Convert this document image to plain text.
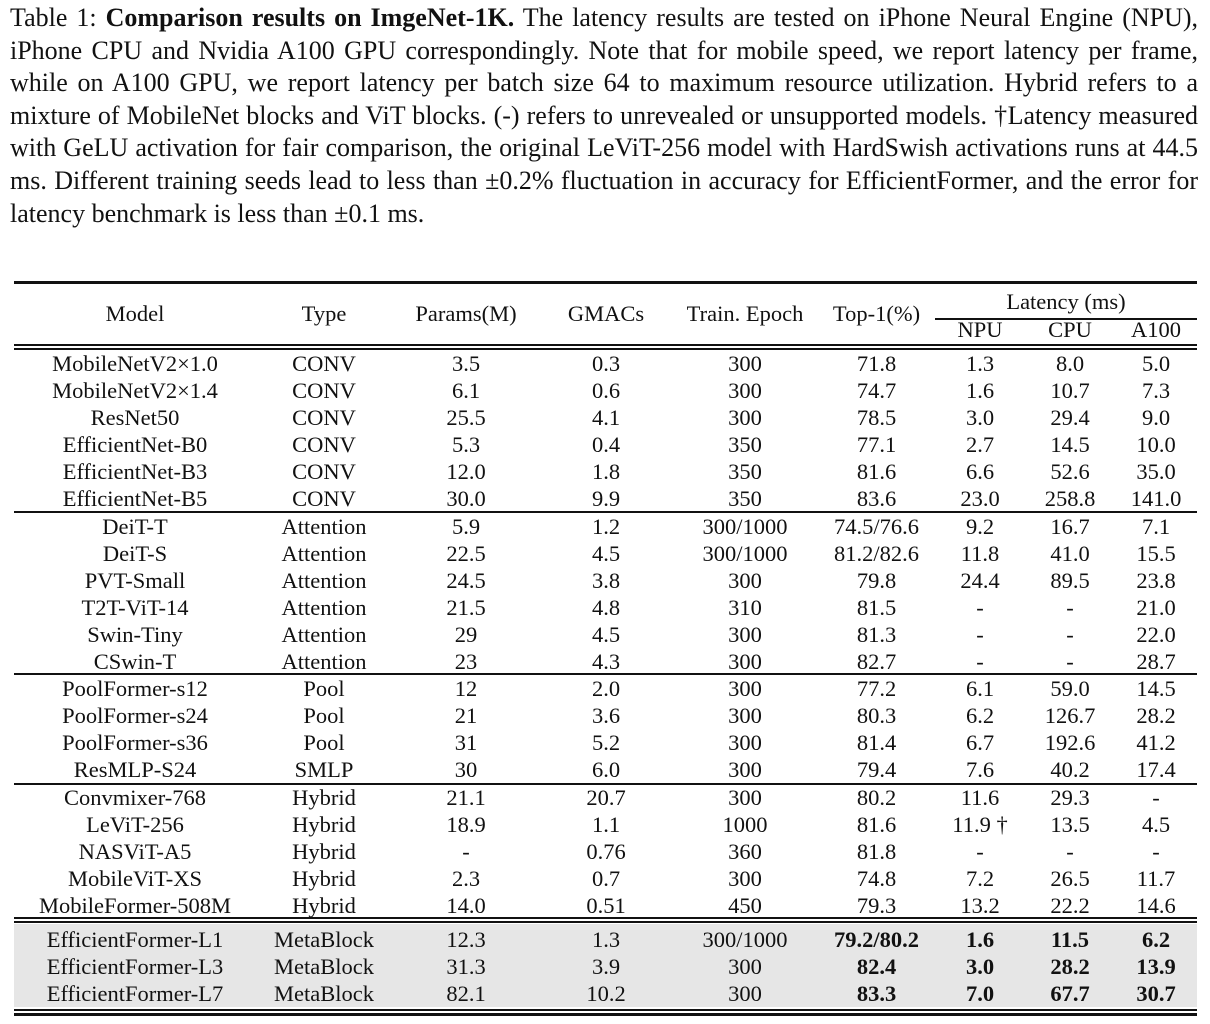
Table 1: Comparison results on ImgeNet-1K. The latency results are tested on iPhone Neural Engine (NPU), iPhone CPU and Nvidia A100 GPU correspondingly. Note that for mobile speed, we report latency per frame, while on A100 GPU, we report latency per batch size 64 to maximum resource utilization. Hybrid refers to a mixture of MobileNet blocks and ViT blocks. (-) refers to unrevealed or unsupported models. †Latency measured with GeLU activation for fair comparison, the original LeViT-256 model with HardSwish activations runs at 44.5 ms. Different training seeds lead to less than ±0.2% fluctuation in accuracy for EfficientFormer, and the error for latency benchmark is less than ±0.1 ms.
Model	Type	Params(M)	GMACs	Train. Epoch	Top-1(%)	Latency (ms)
NPU	CPU	A100
MobileNetV2×1.0	CONV	3.5	0.3	300	71.8	1.3	8.0	5.0
MobileNetV2×1.4	CONV	6.1	0.6	300	74.7	1.6	10.7	7.3
ResNet50	CONV	25.5	4.1	300	78.5	3.0	29.4	9.0
EfficientNet-B0	CONV	5.3	0.4	350	77.1	2.7	14.5	10.0
EfficientNet-B3	CONV	12.0	1.8	350	81.6	6.6	52.6	35.0
EfficientNet-B5	CONV	30.0	9.9	350	83.6	23.0	258.8	141.0
DeiT-T	Attention	5.9	1.2	300/1000	74.5/76.6	9.2	16.7	7.1
DeiT-S	Attention	22.5	4.5	300/1000	81.2/82.6	11.8	41.0	15.5
PVT-Small	Attention	24.5	3.8	300	79.8	24.4	89.5	23.8
T2T-ViT-14	Attention	21.5	4.8	310	81.5	-	-	21.0
Swin-Tiny	Attention	29	4.5	300	81.3	-	-	22.0
CSwin-T	Attention	23	4.3	300	82.7	-	-	28.7
PoolFormer-s12	Pool	12	2.0	300	77.2	6.1	59.0	14.5
PoolFormer-s24	Pool	21	3.6	300	80.3	6.2	126.7	28.2
PoolFormer-s36	Pool	31	5.2	300	81.4	6.7	192.6	41.2
ResMLP-S24	SMLP	30	6.0	300	79.4	7.6	40.2	17.4
Convmixer-768	Hybrid	21.1	20.7	300	80.2	11.6	29.3	-
LeViT-256	Hybrid	18.9	1.1	1000	81.6	11.9 †	13.5	4.5
NASViT-A5	Hybrid	-	0.76	360	81.8	-	-	-
MobileViT-XS	Hybrid	2.3	0.7	300	74.8	7.2	26.5	11.7
MobileFormer-508M	Hybrid	14.0	0.51	450	79.3	13.2	22.2	14.6
EfficientFormer-L1	MetaBlock	12.3	1.3	300/1000	79.2/80.2	1.6	11.5	6.2
EfficientFormer-L3	MetaBlock	31.3	3.9	300	82.4	3.0	28.2	13.9
EfficientFormer-L7	MetaBlock	82.1	10.2	300	83.3	7.0	67.7	30.7
